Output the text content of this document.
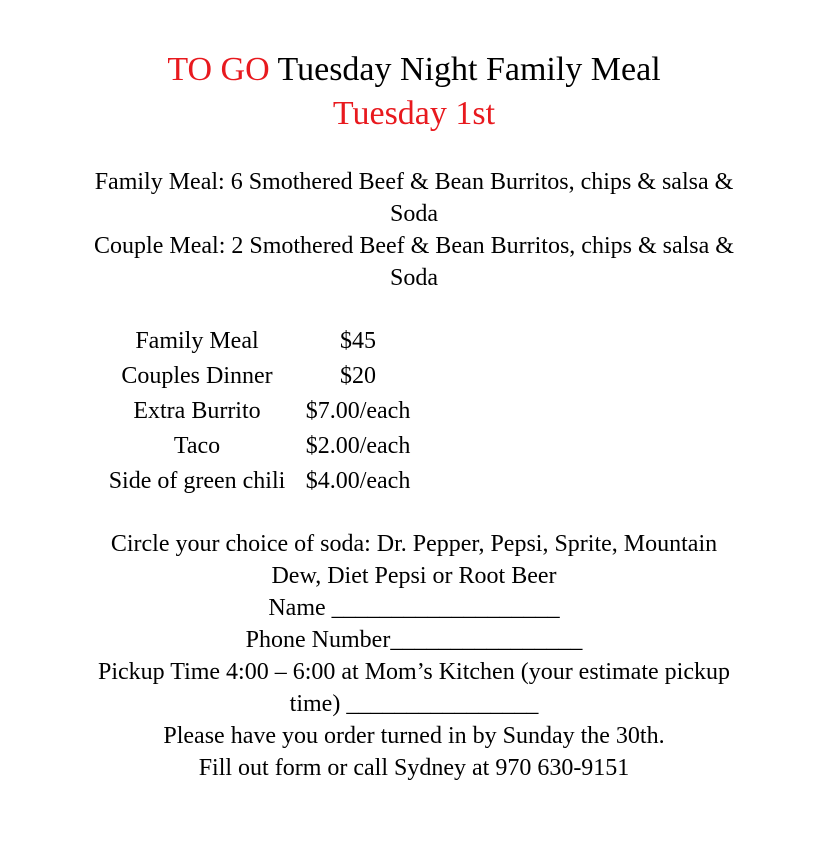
TO GO Tuesday Night Family Meal
Tuesday 1st
Family Meal: 6 Smothered Beef & Bean Burritos, chips & salsa & Soda
Couple Meal: 2 Smothered Beef & Bean Burritos, chips & salsa & Soda
Family Meal	$45
Couples Dinner	$20
Extra Burrito	$7.00/each
Taco	$2.00/each
Side of green chili	$4.00/each
Circle your choice of soda: Dr. Pepper, Pepsi, Sprite, Mountain Dew, Diet Pepsi or Root Beer
Name ___________________
Phone Number________________
Pickup Time 4:00 – 6:00 at Mom’s Kitchen (your estimate pickup time) ________________
Please have you order turned in by Sunday the 30th.
Fill out form or call Sydney at 970 630-9151
